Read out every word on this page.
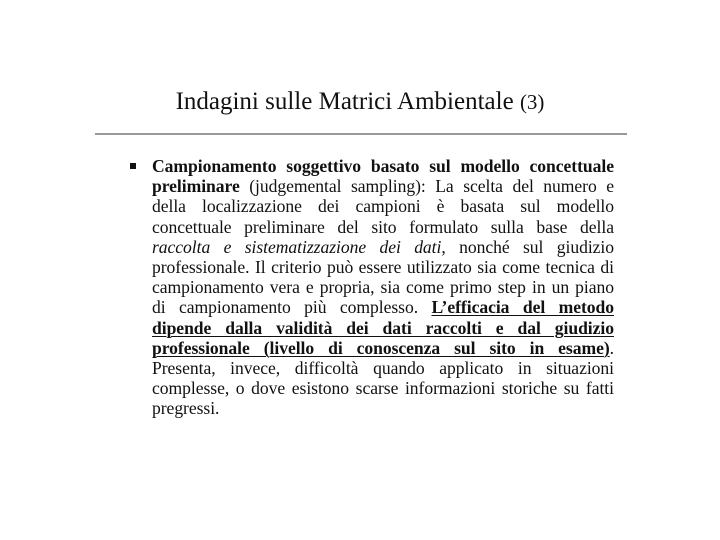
Indagini sulle Matrici Ambientale (3)
Campionamento soggettivo basato sul modello concettuale preliminare (judgemental sampling): La scelta del numero e della localizzazione dei campioni è basata sul modello concettuale preliminare del sito formulato sulla base della raccolta e sistematizzazione dei dati, nonché sul giudizio professionale. Il criterio può essere utilizzato sia come tecnica di campionamento vera e propria, sia come primo step in un piano di campionamento più complesso. L’efficacia del metodo dipende dalla validità dei dati raccolti e dal giudizio professionale (livello di conoscenza sul sito in esame). Presenta, invece, difficoltà quando applicato in situazioni complesse, o dove esistono scarse informazioni storiche su fatti pregressi.
